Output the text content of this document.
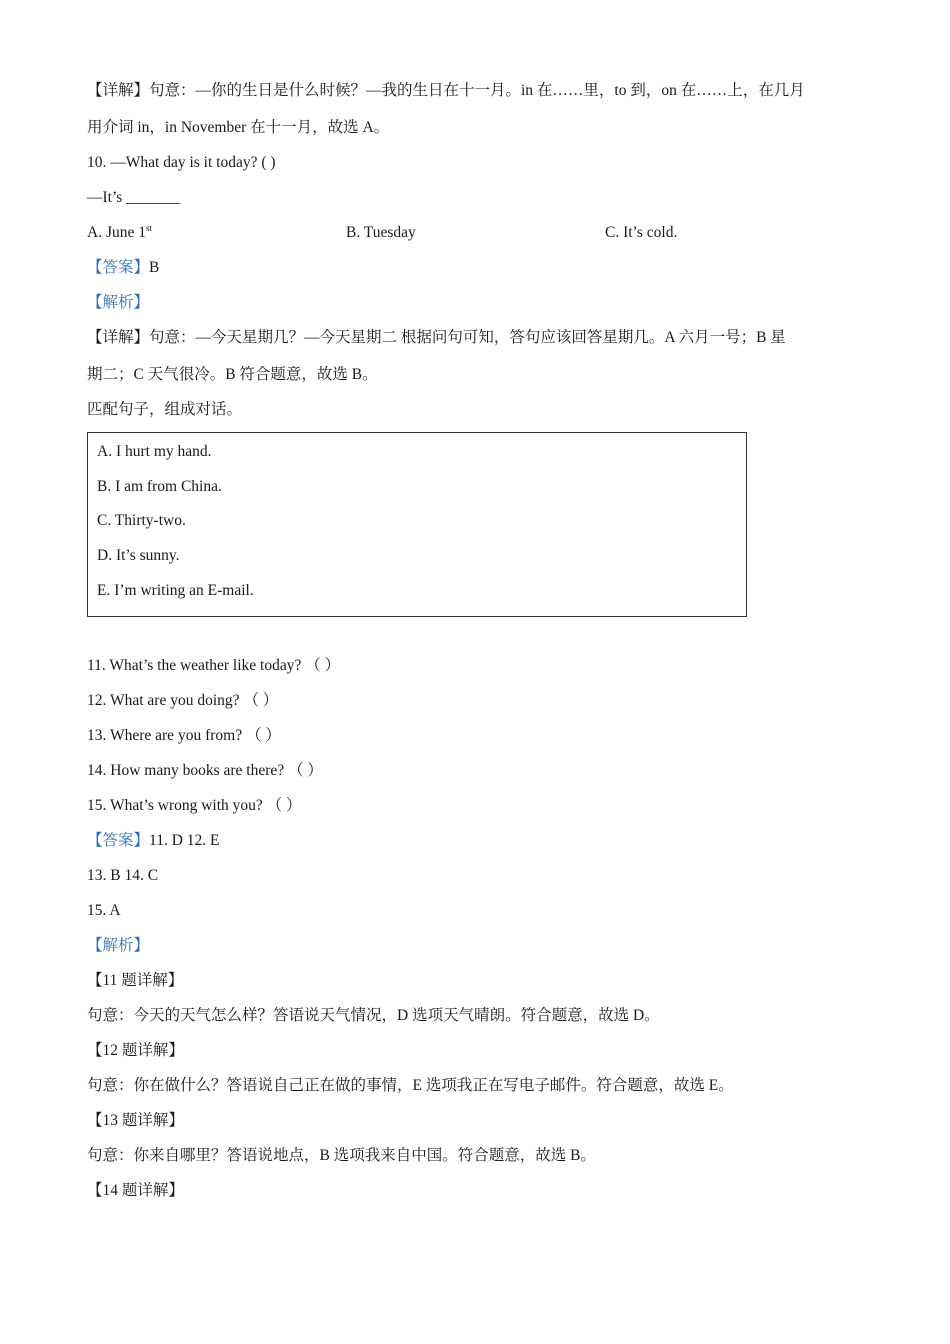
【详解】句意：—你的生日是什么时候？—我的生日在十一月。in 在……里，to 到，on 在……上，在几月
用介词 in，in November 在十一月，故选 A。
10. —What day is it today? ( )
—It’s _______
A. June 1st	B. Tuesday	C. It’s cold.
【答案】B
【解析】
【详解】句意：—今天星期几？—今天星期二 根据问句可知，答句应该回答星期几。A 六月一号；B 星
期二；C 天气很冷。B 符合题意，故选 B。
匹配句子，组成对话。
A. I hurt my hand.
B. I am from China.
C. Thirty-two.
D. It’s sunny.
E. I’m writing an E-mail.
11. What’s the weather like today? （ ）
12. What are you doing? （ ）
13. Where are you from? （ ）
14. How many books are there? （ ）
15. What’s wrong with you? （ ）
【答案】11. D 12. E
13. B 14. C
15. A
【解析】
【11 题详解】
句意：今天的天气怎么样？答语说天气情况，D 选项天气晴朗。符合题意，故选 D。
【12 题详解】
句意：你在做什么？答语说自己正在做的事情，E 选项我正在写电子邮件。符合题意，故选 E。
【13 题详解】
句意：你来自哪里？答语说地点，B 选项我来自中国。符合题意，故选 B。
【14 题详解】
